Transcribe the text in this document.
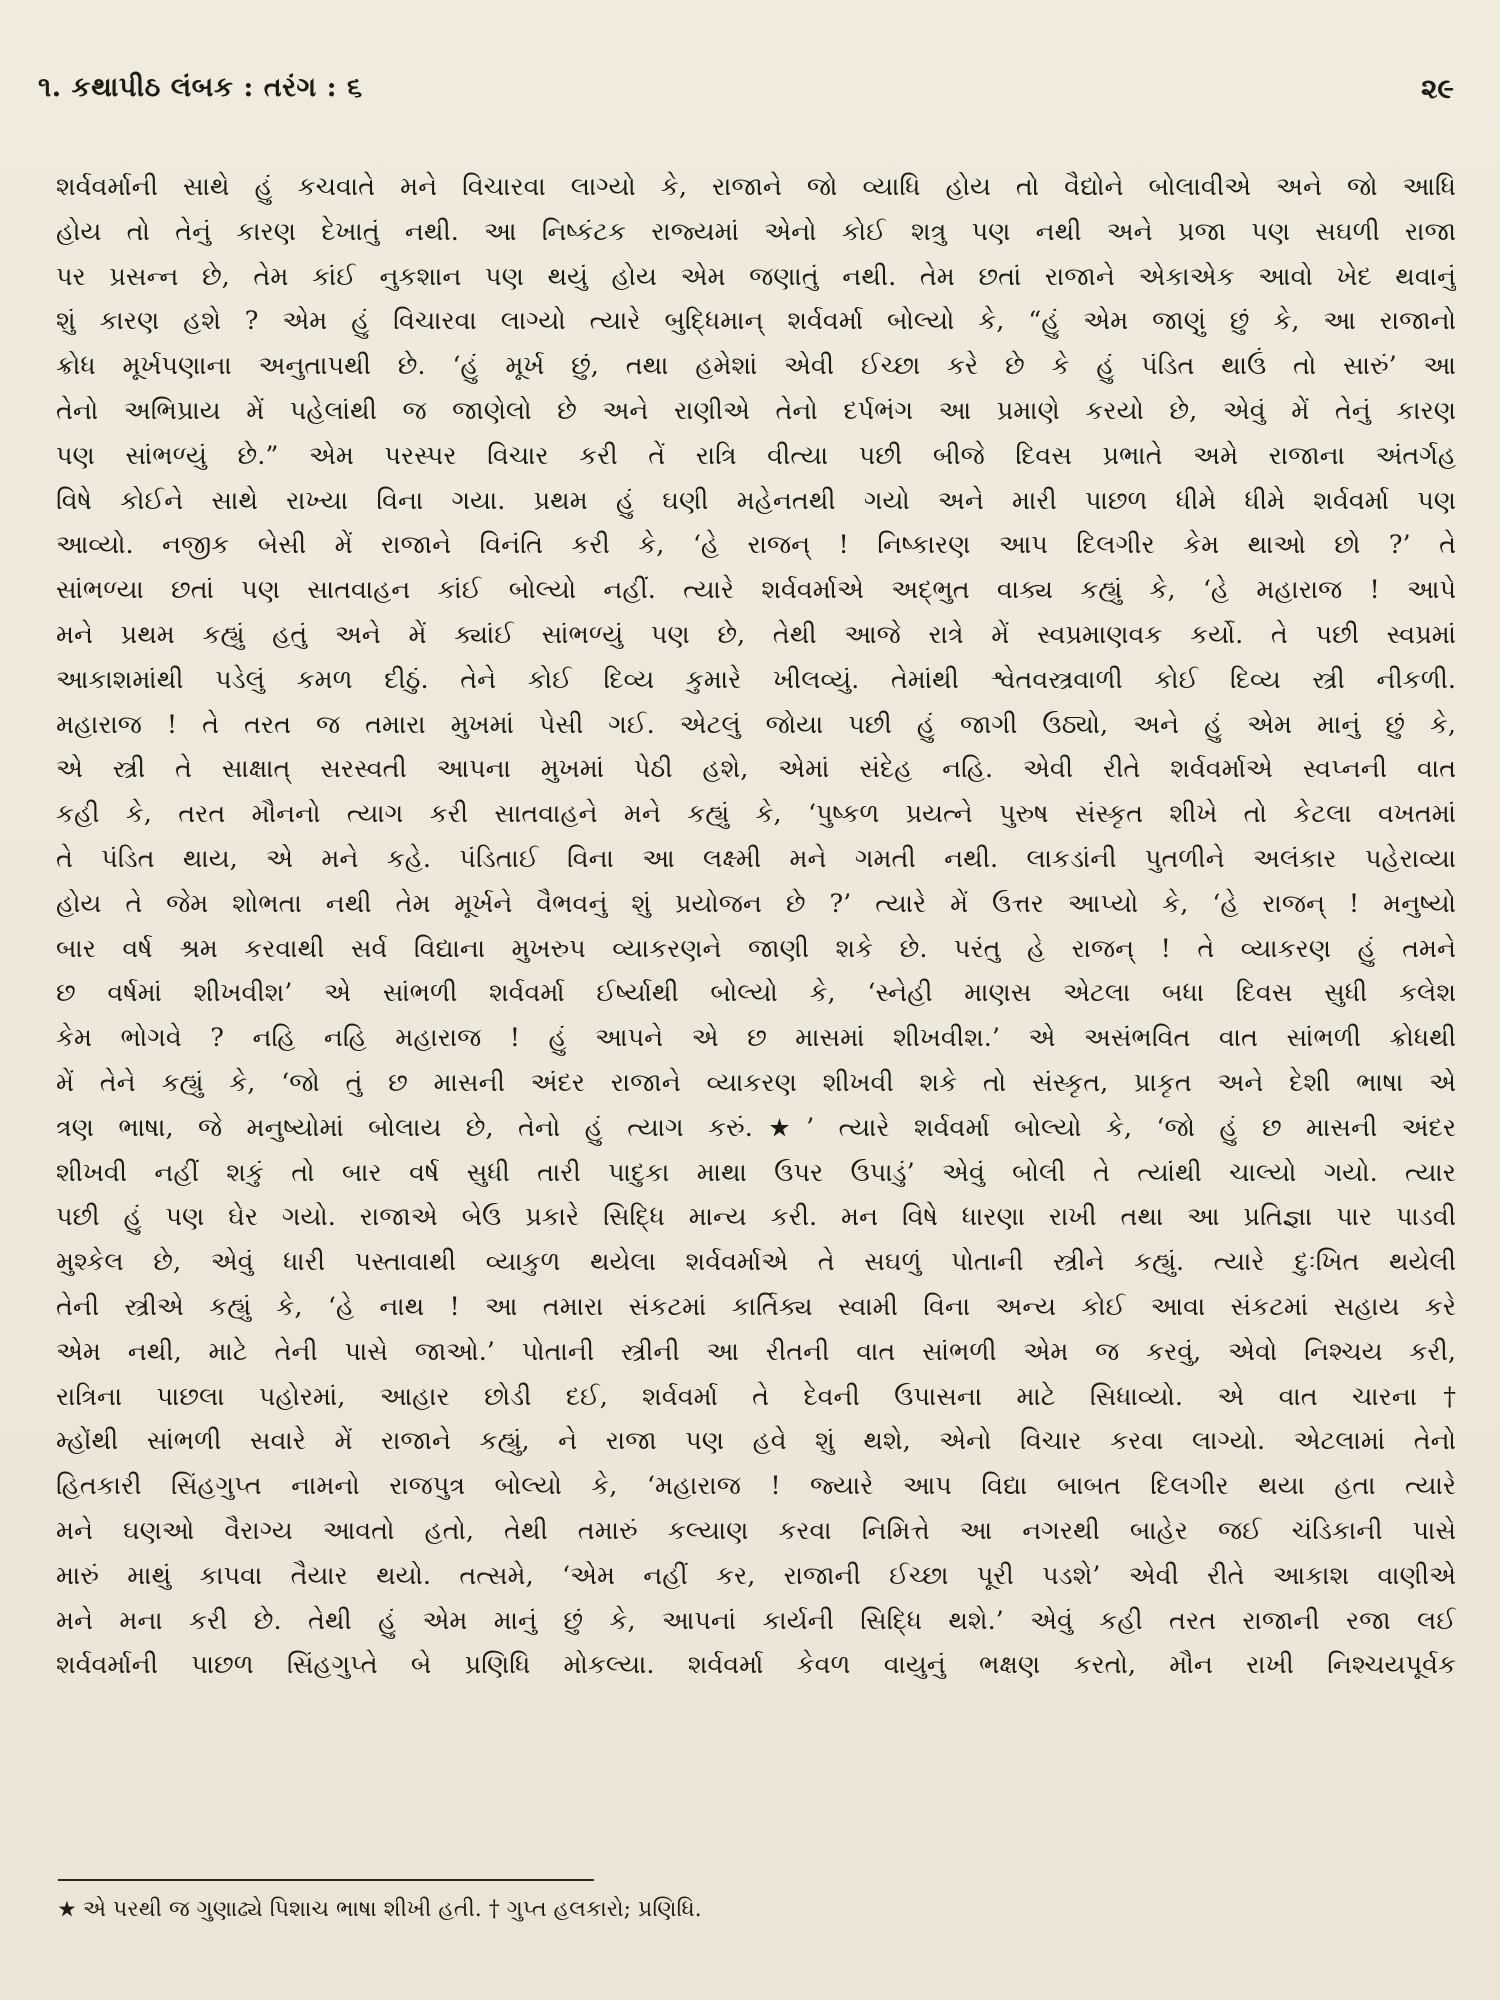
૧. કથાપીઠ લંબક : તરંગ : ૬	૨૯
શર્વવર્માની સાથે હું કચવાતે મને વિચારવા લાગ્યો કે, રાજાને જો વ્યાધિ હોય તો વૈદ્યોને બોલાવીએ અને જો આધિ
હોય તો તેનું કારણ દેખાતું નથી. આ નિષ્કંટક રાજ્યમાં એનો કોઈ શત્રુ પણ નથી અને પ્રજા પણ સઘળી રાજા
પર પ્રસન્ન છે, તેમ કાંઈ નુકશાન પણ થયું હોય એમ જણાતું નથી. તેમ છતાં રાજાને એકાએક આવો ખેદ થવાનું
શું કારણ હશે ? એમ હું વિચારવા લાગ્યો ત્યારે બુદ્ધિમાન્ શર્વવર્મા બોલ્યો કે, “હું એમ જાણું છું કે, આ રાજાનો
ક્રોધ મૂર્ખપણાના અનુતાપથી છે. ‘હું મૂર્ખ છું, તથા હમેશાં એવી ઈચ્છા કરે છે કે હું પંડિત થાઉં તો સારું’ આ
તેનો અભિપ્રાય મેં પહેલાંથી જ જાણેલો છે અને રાણીએ તેનો દર્પભંગ આ પ્રમાણે કરયો છે, એવું મેં તેનું કારણ
પણ સાંભળ્યું છે.” એમ પરસ્પર વિચાર કરી તેં રાત્રિ વીત્યા પછી બીજે દિવસ પ્રભાતે અમે રાજાના અંતર્ગહ
વિષે કોઈને સાથે રાખ્યા વિના ગયા. પ્રથમ હું ઘણી મહેનતથી ગયો અને મારી પાછળ ધીમે ધીમે શર્વવર્મા પણ
આવ્યો. નજીક બેસી મેં રાજાને વિનંતિ કરી કે, ‘હે રાજન્ ! નિષ્કારણ આપ દિલગીર કેમ થાઓ છો ?’ તે
સાંભળ્યા છતાં પણ સાતવાહન કાંઈ બોલ્યો નહીં. ત્યારે શર્વવર્માએ અદ્‌ભુત વાક્ય કહ્યું કે, ‘હે મહારાજ ! આપે
મને પ્રથમ કહ્યું હતું અને મેં ક્યાંઈ સાંભળ્યું પણ છે, તેથી આજે રાત્રે મેં સ્વપ્રમાણવક કર્યો. તે પછી સ્વપ્રમાં
આકાશમાંથી પડેલું કમળ દીઠું. તેને કોઈ દિવ્ય કુમારે ખીલવ્યું. તેમાંથી શ્વેતવસ્ત્રવાળી કોઈ દિવ્ય સ્ત્રી નીકળી.
મહારાજ ! તે તરત જ તમારા મુખમાં પેસી ગઈ. એટલું જોયા પછી હું જાગી ઉઠ્યો, અને હું એમ માનું છું કે,
એ સ્ત્રી તે સાક્ષાત્ સરસ્વતી આપના મુખમાં પેઠી હશે, એમાં સંદેહ નહિ. એવી રીતે શર્વવર્માએ સ્વપ્નની વાત
કહી કે, તરત મૌનનો ત્યાગ કરી સાતવાહને મને કહ્યું કે, ‘પુષ્કળ પ્રયત્ને પુરુષ સંસ્કૃત શીખે તો કેટલા વખતમાં
તે પંડિત થાય, એ મને કહે. પંડિતાઈ વિના આ લક્ષ્મી મને ગમતી નથી. લાકડાંની પુતળીને અલંકાર પહેરાવ્યા
હોય તે જેમ શોભતા નથી તેમ મૂર્ખને વૈભવનું શું પ્રયોજન છે ?’ ત્યારે મેં ઉત્તર આપ્યો કે, ‘હે રાજન્ ! મનુષ્યો
બાર વર્ષ શ્રમ કરવાથી સર્વ વિદ્યાના મુખરુપ વ્યાકરણને જાણી શકે છે. પરંતુ હે રાજન્ ! તે વ્યાકરણ હું તમને
છ વર્ષમાં શીખવીશ’ એ સાંભળી શર્વવર્મા ઈર્ષ્યાથી બોલ્યો કે, ‘સ્નેહી માણસ એટલા બધા દિવસ સુધી કલેશ
કેમ ભોગવે ? નહિ નહિ મહારાજ ! હું આપને એ છ માસમાં શીખવીશ.’ એ અસંભવિત વાત સાંભળી ક્રોધથી
મેં તેને કહ્યું કે, ‘જો તું છ માસની અંદર રાજાને વ્યાકરણ શીખવી શકે તો સંસ્કૃત, પ્રાકૃત અને દેશી ભાષા એ
ત્રણ ભાષા, જે મનુષ્યોમાં બોલાય છે, તેનો હું ત્યાગ કરું.★’ ત્યારે શર્વવર્મા બોલ્યો કે, ‘જો હું છ માસની અંદર
શીખવી નહીં શકું તો બાર વર્ષ સુધી તારી પાદુકા માથા ઉપર ઉપાડું’ એવું બોલી તે ત્યાંથી ચાલ્યો ગયો. ત્યાર
પછી હું પણ ઘેર ગયો. રાજાએ બેઉ પ્રકારે સિદ્ધિ માન્ય કરી. મન વિષે ધારણા રાખી તથા આ પ્રતિજ્ઞા પાર પાડવી
મુશ્કેલ છે, એવું ધારી પસ્તાવાથી વ્યાકુળ થયેલા શર્વવર્માએ તે સઘળું પોતાની સ્ત્રીને કહ્યું. ત્યારે દુઃખિત થયેલી
તેની સ્ત્રીએ કહ્યું કે, ‘હે નાથ ! આ તમારા સંકટમાં કાર્તિક્ય સ્વામી વિના અન્ય કોઈ આવા સંકટમાં સહાય કરે
એમ નથી, માટે તેની પાસે જાઓ.’ પોતાની સ્ત્રીની આ રીતની વાત સાંભળી એમ જ કરવું, એવો નિશ્ચય કરી,
રાત્રિના પાછલા પહોરમાં, આહાર છોડી દઈ, શર્વવર્મા તે દેવની ઉપાસના માટે સિધાવ્યો. એ વાત ચારના†
મ્હોંથી સાંભળી સવારે મેં રાજાને કહ્યું, ને રાજા પણ હવે શું થશે, એનો વિચાર કરવા લાગ્યો. એટલામાં તેનો
હિતકારી સિંહગુપ્ત નામનો રાજપુત્ર બોલ્યો કે, ‘મહારાજ ! જ્યારે આપ વિદ્યા બાબત દિલગીર થયા હતા ત્યારે
મને ઘણઓ વૈરાગ્ય આવતો હતો, તેથી તમારું કલ્યાણ કરવા નિમિત્તે આ નગરથી બાહેર જઈ ચંડિકાની પાસે
મારું માથું કાપવા તૈયાર થયો. તત્સમે, ‘એમ નહીં કર, રાજાની ઈચ્છા પૂરી પડશે’ એવી રીતે આકાશ વાણીએ
મને મના કરી છે. તેથી હું એમ માનું છું કે, આપનાં કાર્યની સિદ્ધિ થશે.’ એવું કહી તરત રાજાની રજા લઈ
શર્વવર્માની પાછળ સિંહગુપ્તે બે પ્રણિધિ મોકલ્યા. શર્વવર્મા કેવળ વાયુનું ભક્ષણ કરતો, મૌન રાખી નિશ્ચયપૂર્વક
★ એ પરથી જ ગુણાઢ્યે પિશાચ ભાષા શીખી હતી. † ગુપ્ત હલકારો; પ્રણિધિ.
